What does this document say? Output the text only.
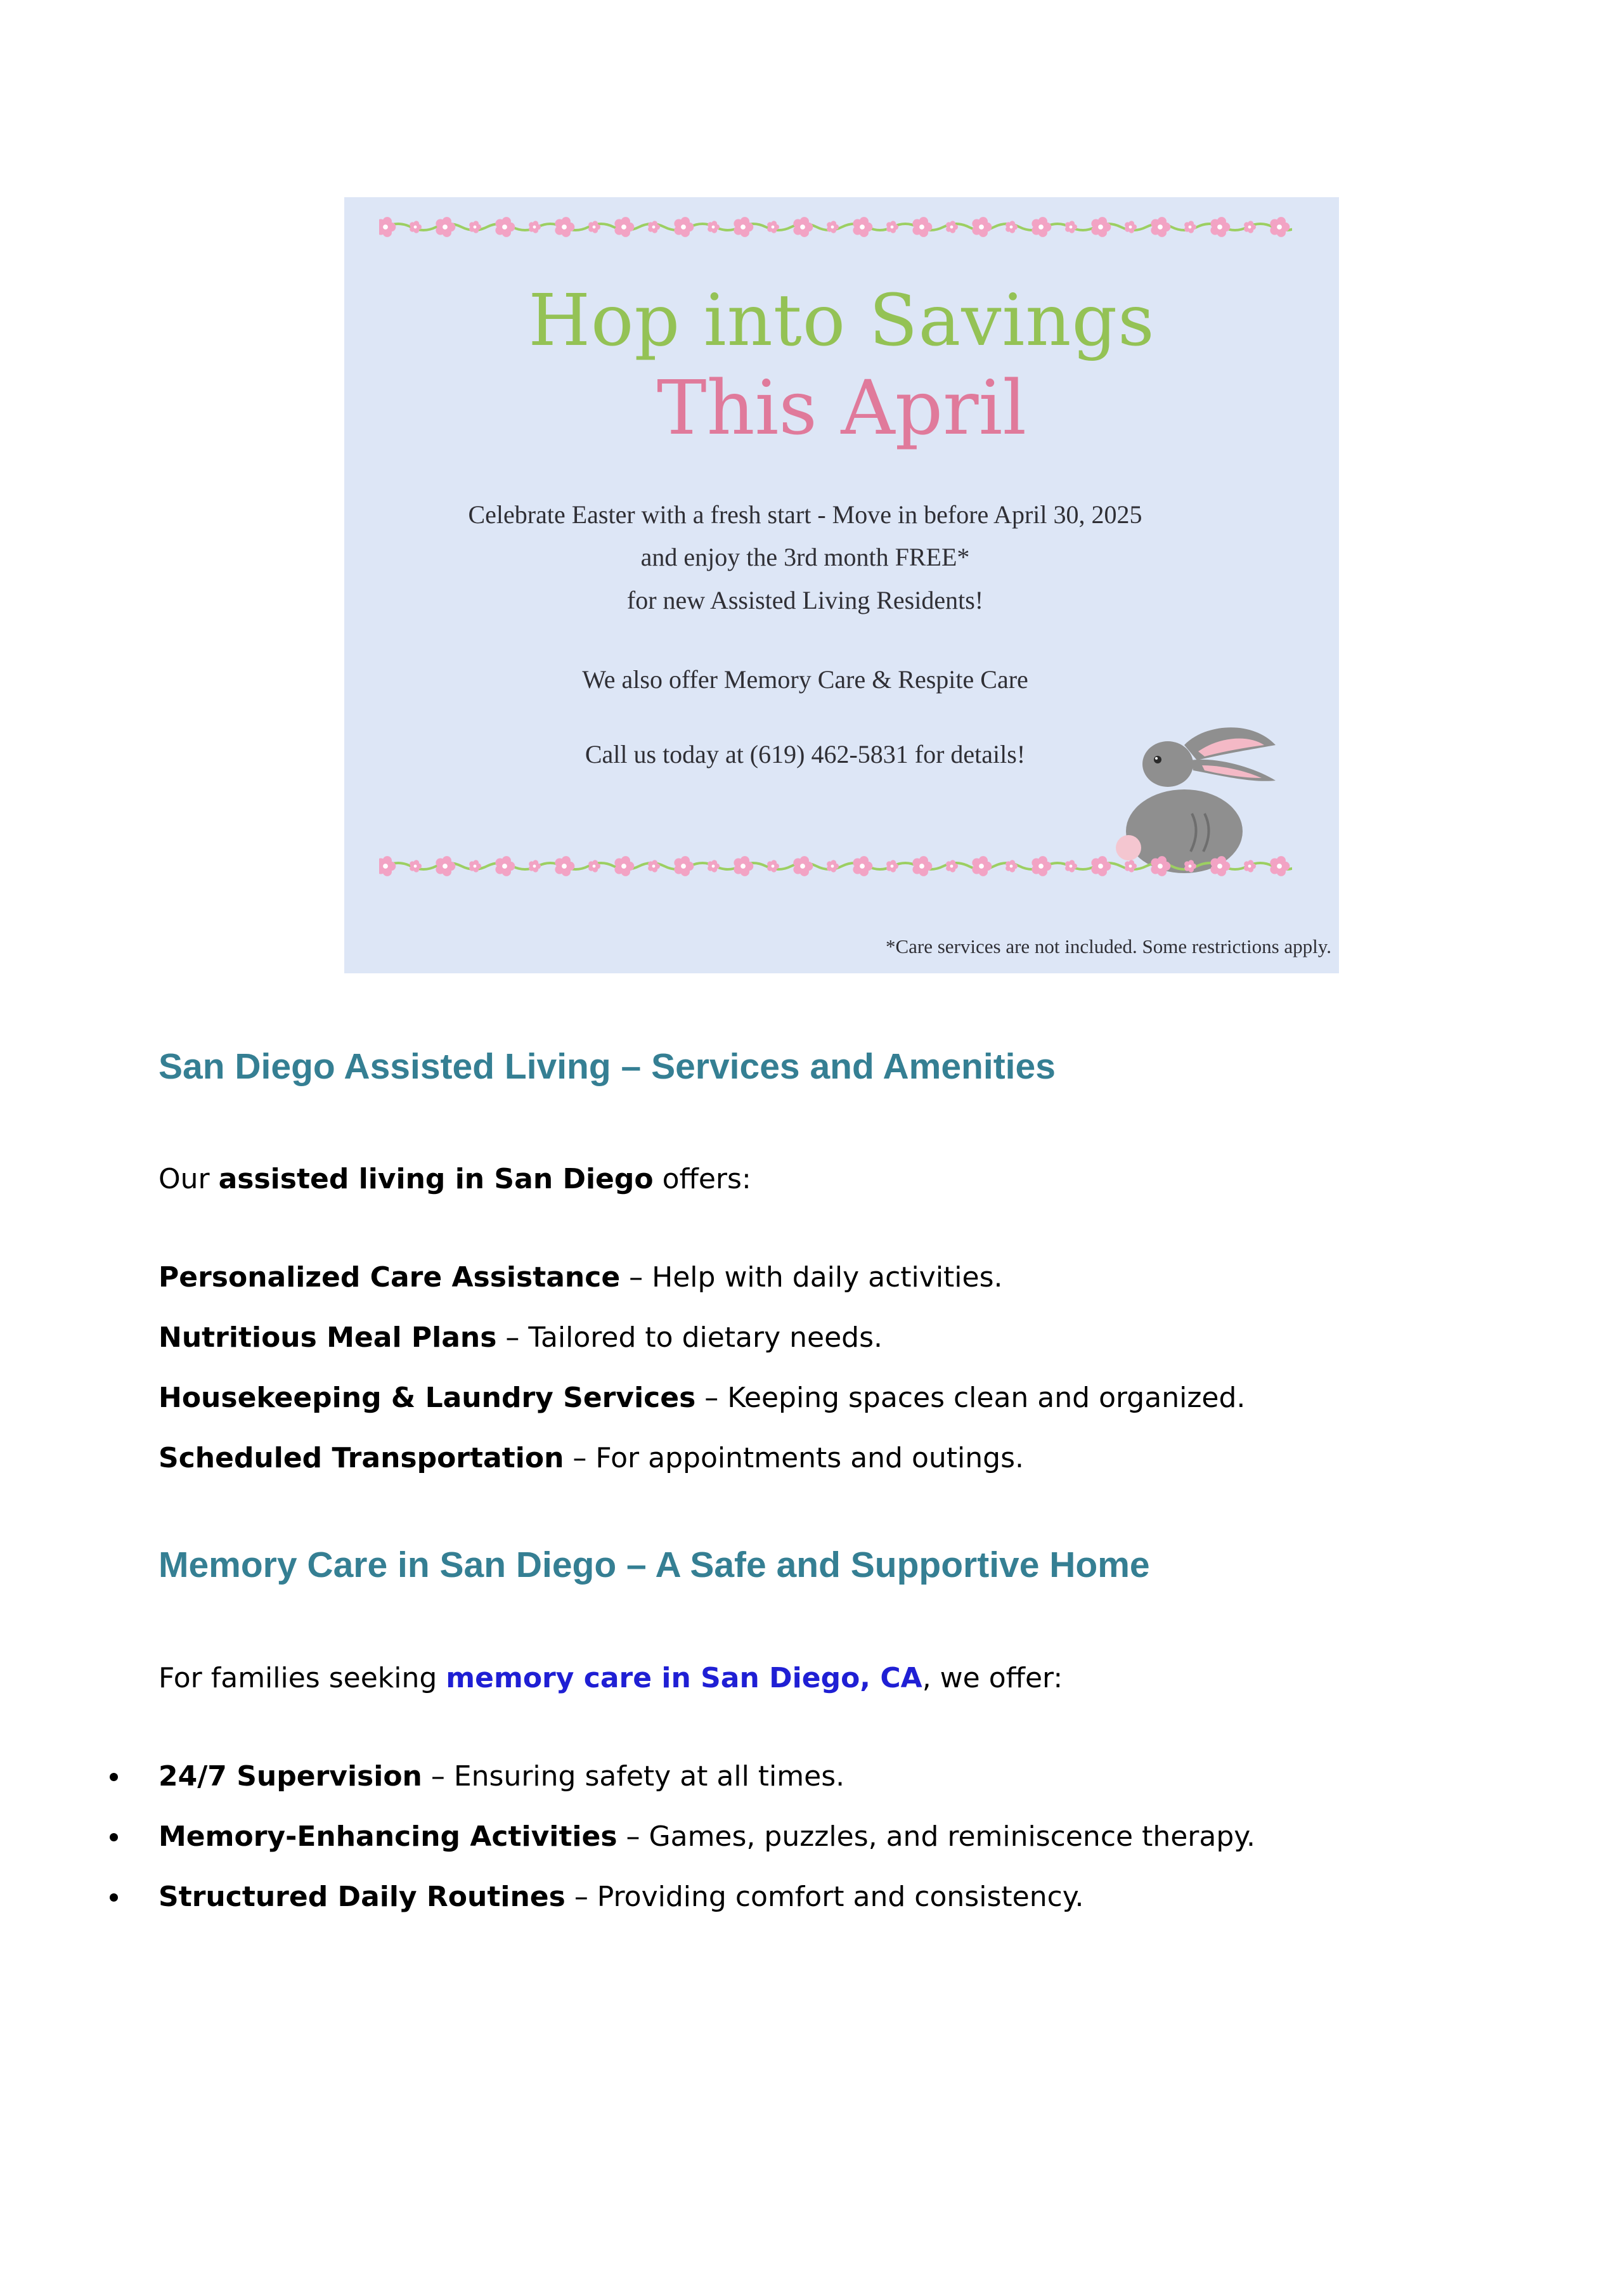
Hop into Savings
This April
Celebrate Easter with a fresh start - Move in before April 30, 2025
and enjoy the 3rd month FREE*
for new Assisted Living Residents!
We also offer Memory Care & Respite Care
Call us today at (619) 462-5831 for details!
*Care services are not included. Some restrictions apply.
San Diego Assisted Living – Services and Amenities

Our assisted living in San Diego offers:

Personalized Care Assistance – Help with daily activities.

Nutritious Meal Plans – Tailored to dietary needs.

Housekeeping & Laundry Services – Keeping spaces clean and organized.

Scheduled Transportation – For appointments and outings.

Memory Care in San Diego – A Safe and Supportive Home

For families seeking memory care in San Diego, CA, we offer:

24/7 Supervision – Ensuring safety at all times.

Memory-Enhancing Activities – Games, puzzles, and reminiscence therapy.

Structured Daily Routines – Providing comfort and consistency.
